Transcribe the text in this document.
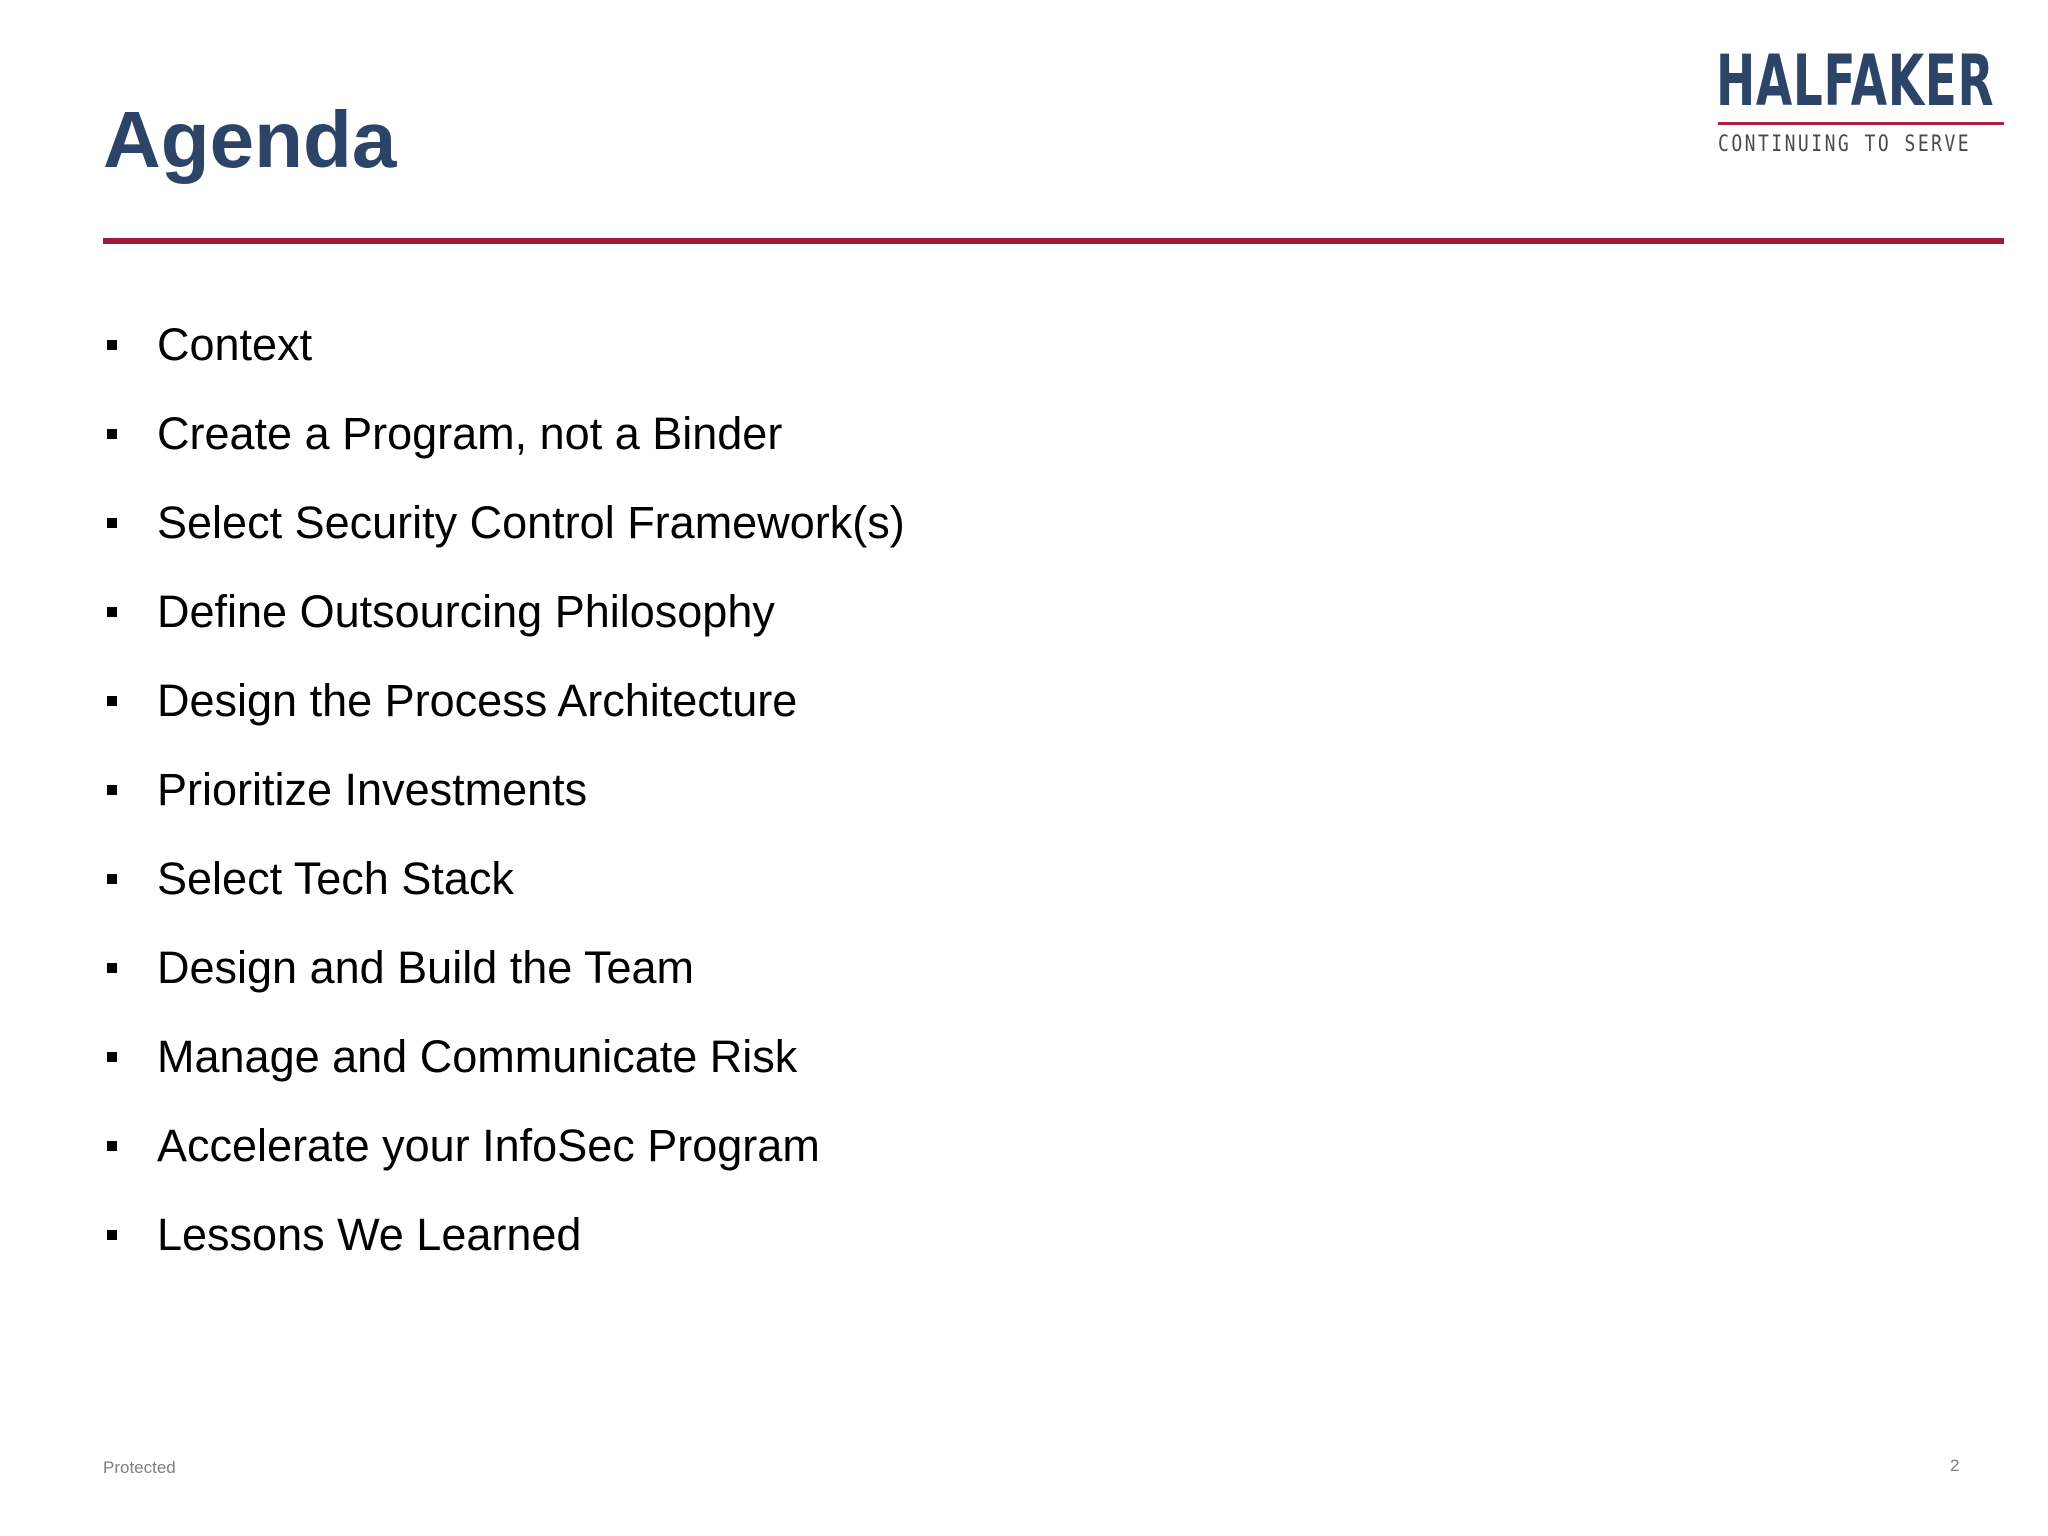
Agenda
HALFAKER
CONTINUING TO SERVE
Context
Create a Program, not a Binder
Select Security Control Framework(s)
Define Outsourcing Philosophy
Design the Process Architecture
Prioritize Investments
Select Tech Stack
Design and Build the Team
Manage and Communicate Risk
Accelerate your InfoSec Program
Lessons We Learned
Protected	2
